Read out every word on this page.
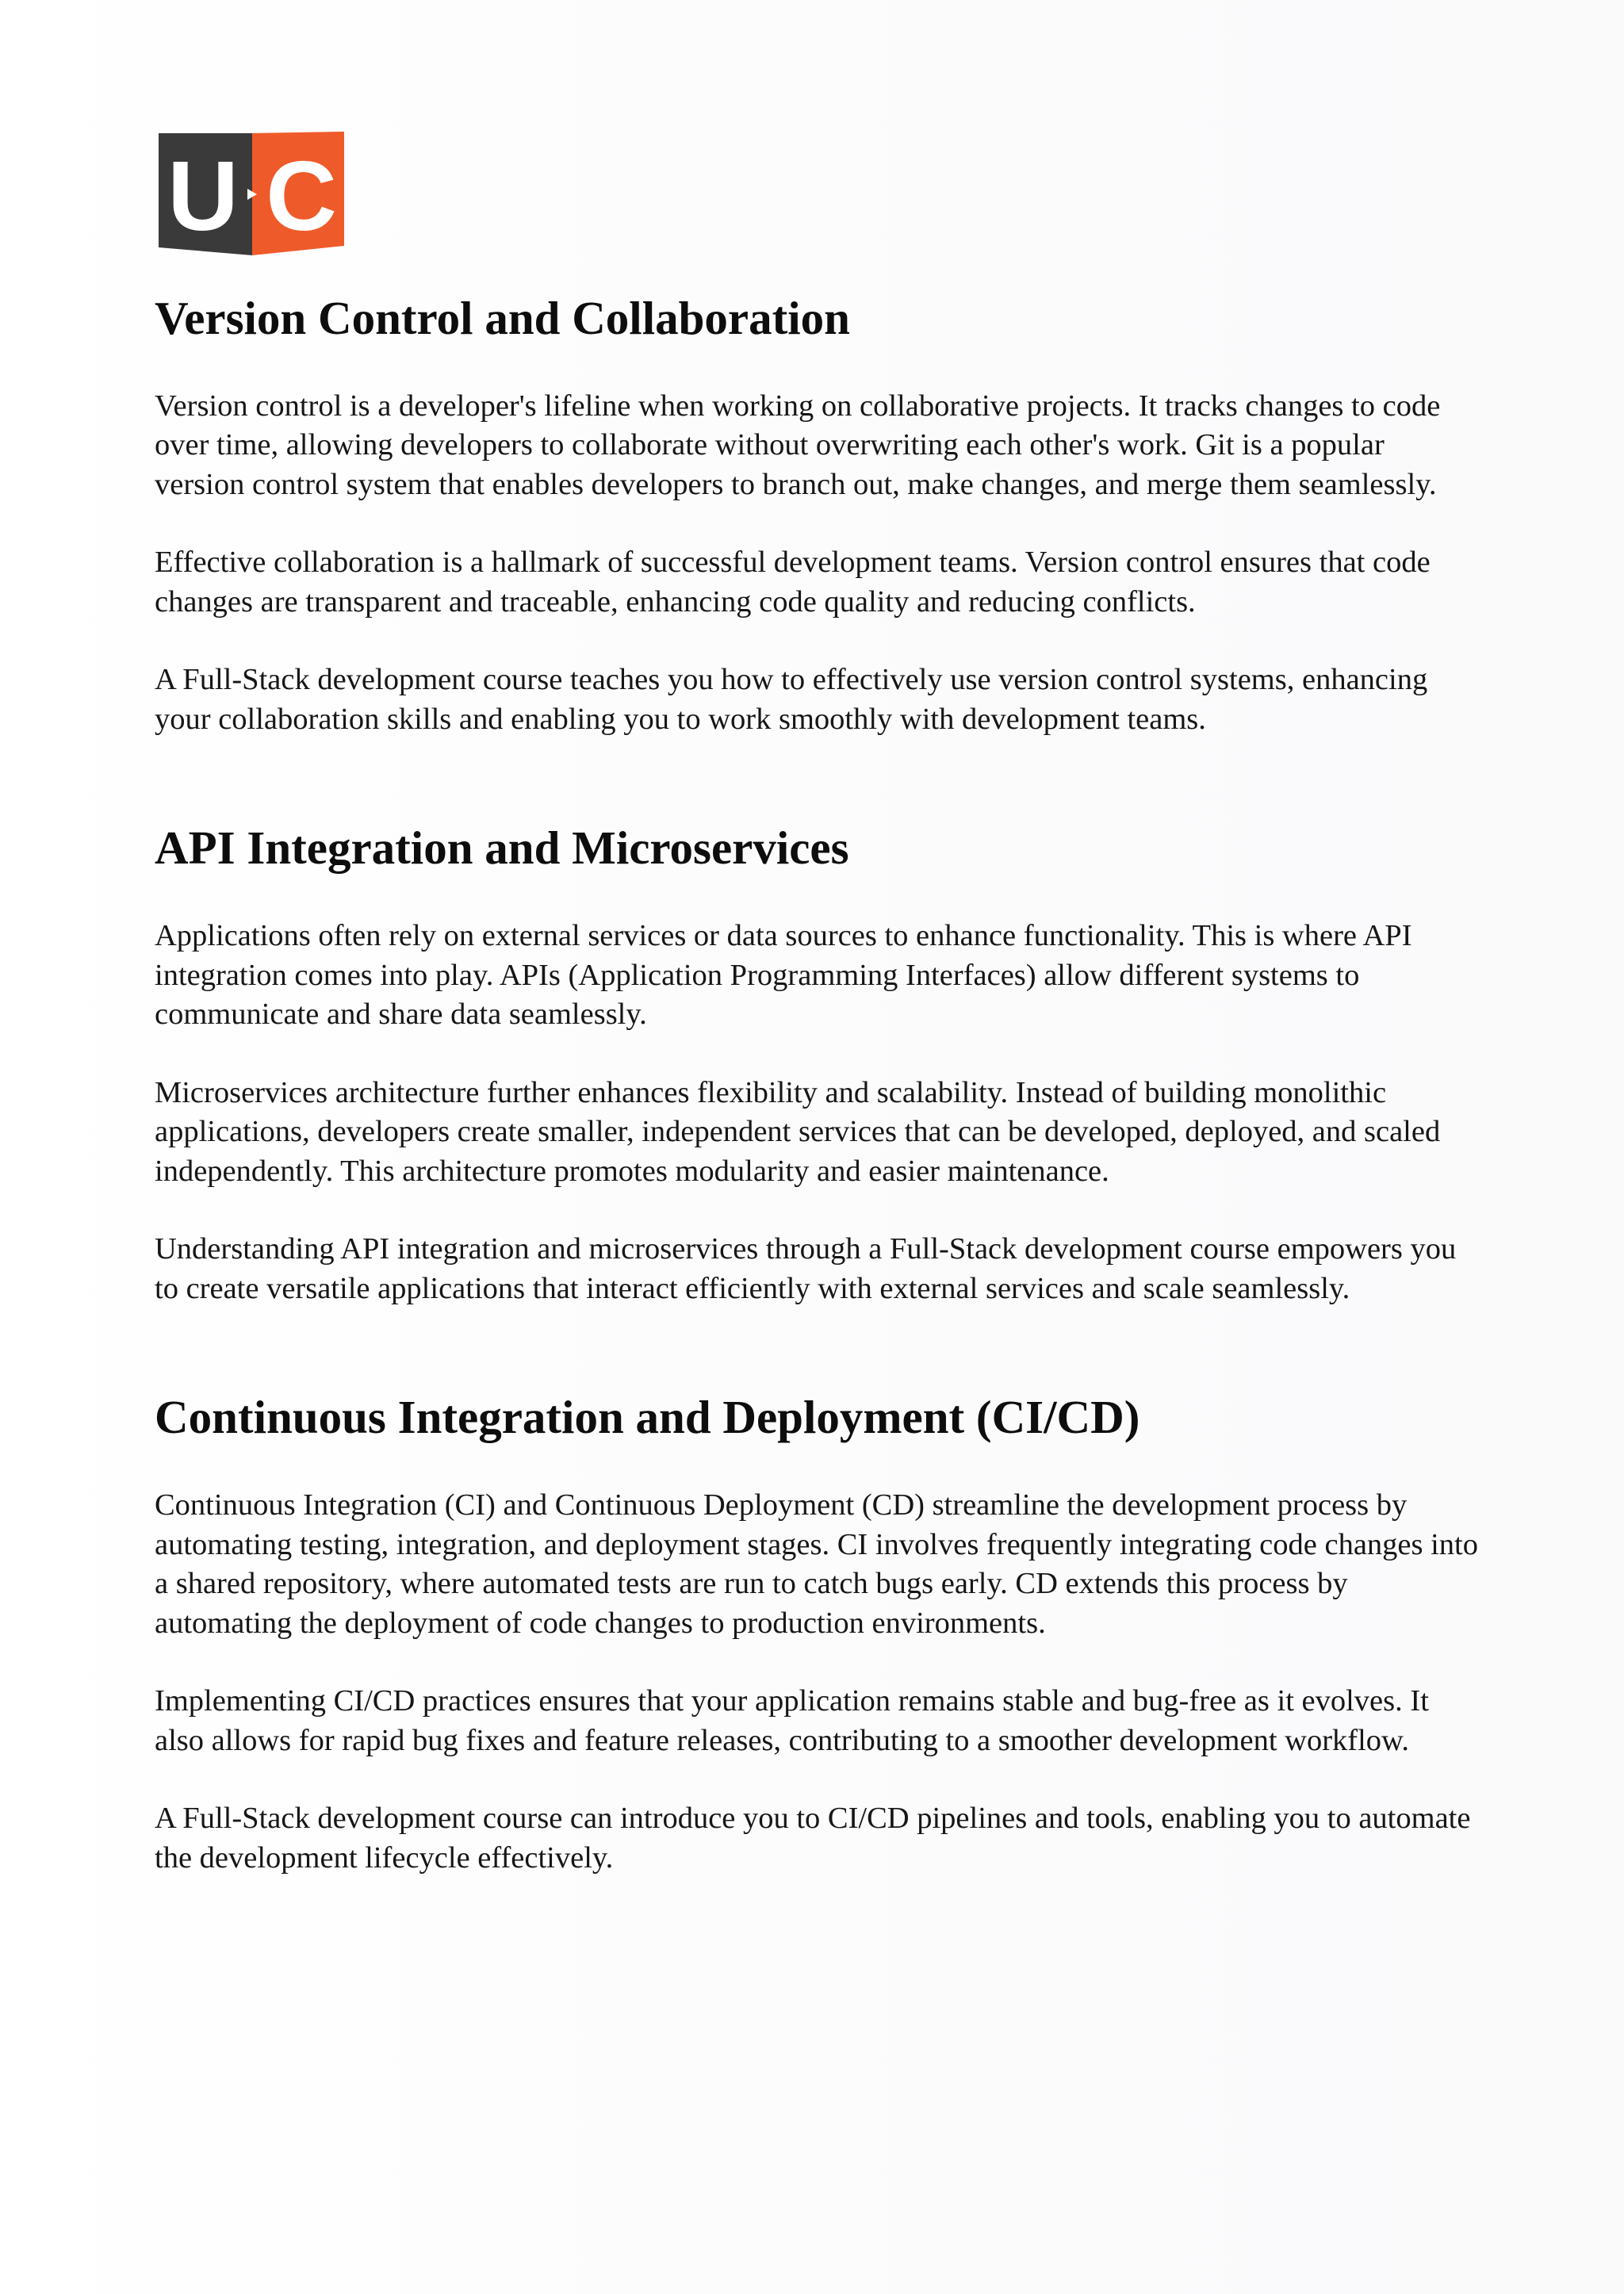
U C
Version Control and Collaboration

Version control is a developer's lifeline when working on collaborative projects. It tracks changes to code over time, allowing developers to collaborate without overwriting each other's work. Git is a popular version control system that enables developers to branch out, make changes, and merge them seamlessly.

Effective collaboration is a hallmark of successful development teams. Version control ensures that code changes are transparent and traceable, enhancing code quality and reducing conflicts.

A Full-Stack development course teaches you how to effectively use version control systems, enhancing your collaboration skills and enabling you to work smoothly with development teams.

API Integration and Microservices

Applications often rely on external services or data sources to enhance functionality. This is where API integration comes into play. APIs (Application Programming Interfaces) allow different systems to communicate and share data seamlessly.

Microservices architecture further enhances flexibility and scalability. Instead of building monolithic applications, developers create smaller, independent services that can be developed, deployed, and scaled independently. This architecture promotes modularity and easier maintenance.

Understanding API integration and microservices through a Full-Stack development course empowers you to create versatile applications that interact efficiently with external services and scale seamlessly.

Continuous Integration and Deployment (CI/CD)

Continuous Integration (CI) and Continuous Deployment (CD) streamline the development process by automating testing, integration, and deployment stages. CI involves frequently integrating code changes into a shared repository, where automated tests are run to catch bugs early. CD extends this process by automating the deployment of code changes to production environments.

Implementing CI/CD practices ensures that your application remains stable and bug-free as it evolves. It also allows for rapid bug fixes and feature releases, contributing to a smoother development workflow.

A Full-Stack development course can introduce you to CI/CD pipelines and tools, enabling you to automate the development lifecycle effectively.
